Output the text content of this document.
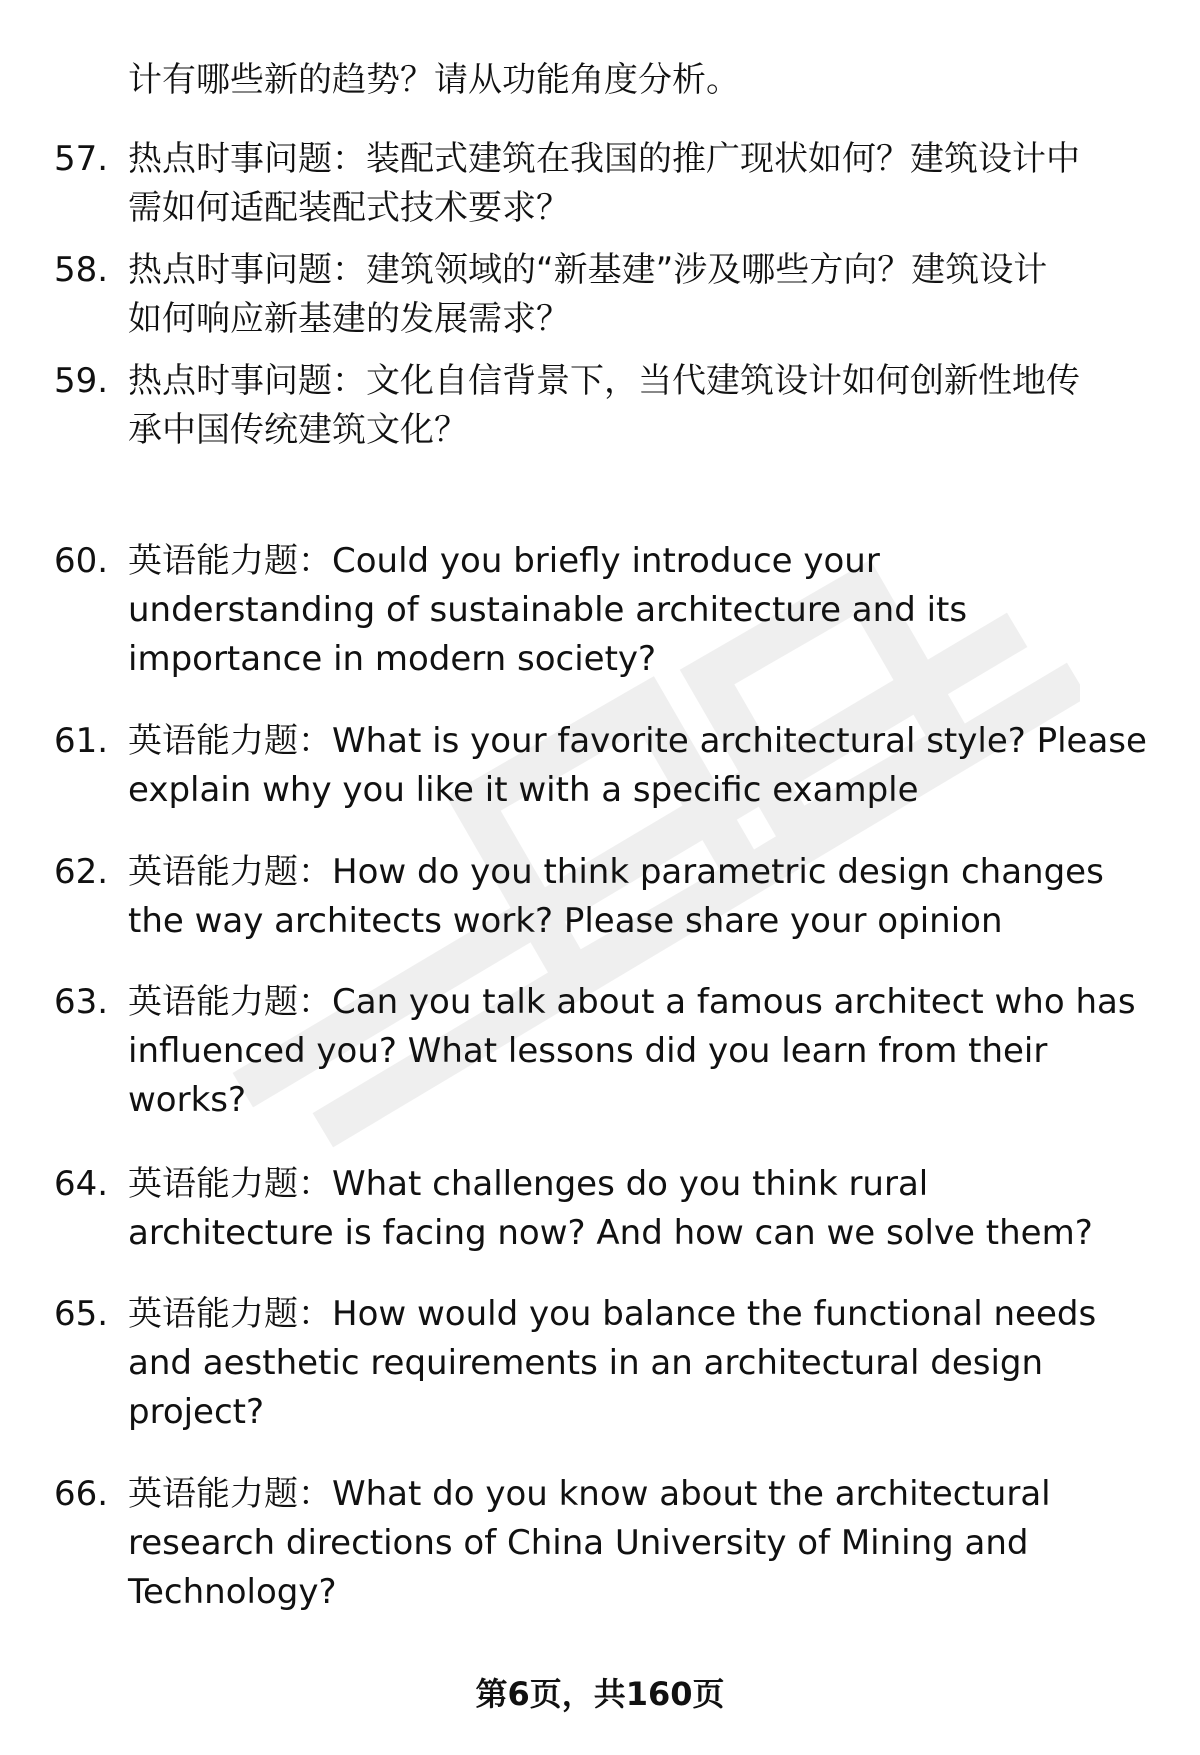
计有哪些新的趋势？请从功能角度分析。
57. 热点时事问题：装配式建筑在我国的推广现状如何？建筑设计中
需如何适配装配式技术要求？
58. 热点时事问题：建筑领域的“新基建”涉及哪些方向？建筑设计
如何响应新基建的发展需求？
59. 热点时事问题：文化自信背景下，当代建筑设计如何创新性地传
承中国传统建筑文化？
60. 英语能力题：Could you briefly introduce your
understanding of sustainable architecture and its
importance in modern society?
61. 英语能力题：What is your favorite architectural style? Please
explain why you like it with a specific example
62. 英语能力题：How do you think parametric design changes
the way architects work? Please share your opinion
63. 英语能力题：Can you talk about a famous architect who has
influenced you? What lessons did you learn from their
works?
64. 英语能力题：What challenges do you think rural
architecture is facing now? And how can we solve them?
65. 英语能力题：How would you balance the functional needs
and aesthetic requirements in an architectural design
project?
66. 英语能力题：What do you know about the architectural
research directions of China University of Mining and
Technology?
第6页，共160页
